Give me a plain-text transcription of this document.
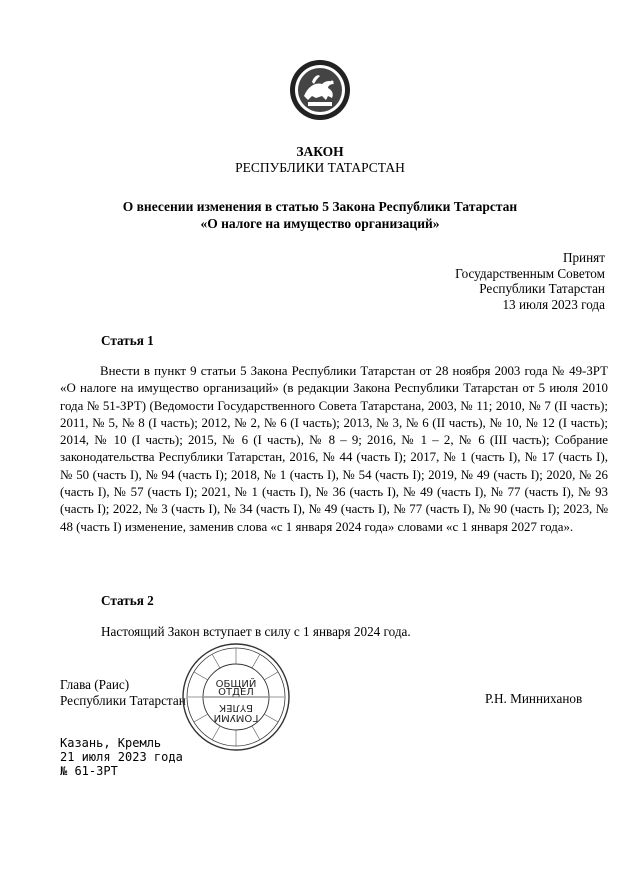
ЗАКОН
РЕСПУБЛИКИ ТАТАРСТАН
О внесении изменения в статью 5 Закона Республики Татарстан
«О налоге на имущество организаций»
Принят
Государственным Советом
Республики Татарстан
13 июля 2023 года
Статья 1
Внести в пункт 9 статьи 5 Закона Республики Татарстан от 28 ноября 2003 года № 49-ЗРТ «О налоге на имущество организаций» (в редакции Закона Республики Татарстан от 5 июля 2010 года № 51-ЗРТ) (Ведомости Государственного Совета Татарстана, 2003, № 11; 2010, № 7 (II часть); 2011, № 5, № 8 (I часть); 2012, № 2, № 6 (I часть); 2013, № 3, № 6 (II часть), № 10, № 12 (I часть); 2014, № 10 (I часть); 2015, № 6 (I часть), № 8 – 9; 2016, № 1 – 2, № 6 (III часть); Собрание законодательства Республики Татарстан, 2016, № 44 (часть I); 2017, № 1 (часть I), № 17 (часть I), № 50 (часть I), № 94 (часть I); 2018, № 1 (часть I), № 54 (часть I); 2019, № 49 (часть I); 2020, № 26 (часть I), № 57 (часть I); 2021, № 1 (часть I), № 36 (часть I), № 49 (часть I), № 77 (часть I), № 93 (часть I); 2022, № 3 (часть I), № 34 (часть I), № 49 (часть I), № 77 (часть I), № 90 (часть I); 2023, № 48 (часть I) изменение, заменив слова «с 1 января 2024 года» словами «с 1 января 2027 года».
Статья 2
Настоящий Закон вступает в силу с 1 января 2024 года.
Глава (Раис)
Республики Татарстан	Р.Н. Минниханов
ОБЩИЙ
ОТДЕЛ
ГОМУМИ
БҮЛЕК
Казань, Кремль
21 июля 2023 года
№ 61-ЗРТ
